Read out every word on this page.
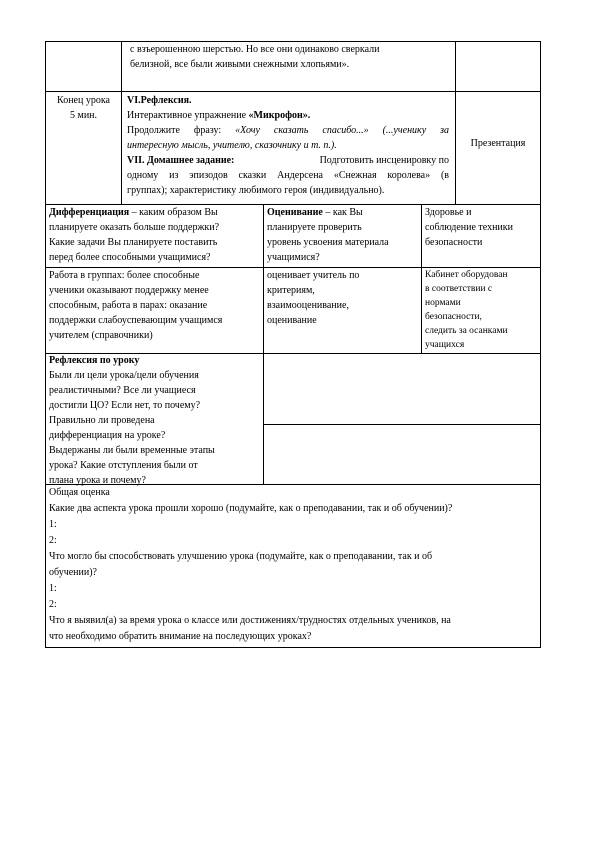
с взъерошенною шерстью. Но все они одинаково сверкали
белизной, все были живыми снежными хлопьями».
Конец урока
5 мин.
VI.Рефлексия.
Интерактивное упражнение «Микрофон».
Продолжите фразу: «Хочу сказать спасибо...» (...ученику за
интересную мысль, учителю, сказочнику и т. п.).
VII. Домашнее задание:	Подготовить инсценировку по
одному из эпизодов сказки Андерсена «Снежная королева» (в
группах); характеристику любимого героя (индивидуально).
Презентация
Дифференциация – каким образом Вы
планируете оказать больше поддержки?
Какие задачи Вы планируете поставить
перед более способными учащимися?
Оценивание – как Вы
планируете проверить
уровень усвоения материала
учащимися?
Здоровье и
соблюдение техники
безопасности
Работа в группах: более способные
ученики оказывают поддержку менее
способным, работа в парах: оказание
поддержки слабоуспевающим учащимся
учителем (справочники)
оценивает учитель по
критериям,
взаимооценивание,
оценивание
Кабинет оборудован
в соответствии с
нормами
безопасности,
следить за осанками
учащихся
Рефлексия по уроку
Были ли цели урока/цели обучения
реалистичными? Все ли учащиеся
достигли ЦО? Если нет, то почему?
Правильно ли проведена
дифференциация на уроке?
Выдержаны ли были временные этапы
урока? Какие отступления были от
плана урока и почему?
Общая оценка
Какие два аспекта урока прошли хорошо (подумайте, как о преподавании, так и об обучении)?
1:
2:
Что могло бы способствовать улучшению урока (подумайте, как о преподавании, так и об
обучении)?
1:
2:
Что я выявил(а) за время урока о классе или достижениях/трудностях отдельных учеников, на
что необходимо обратить внимание на последующих уроках?
